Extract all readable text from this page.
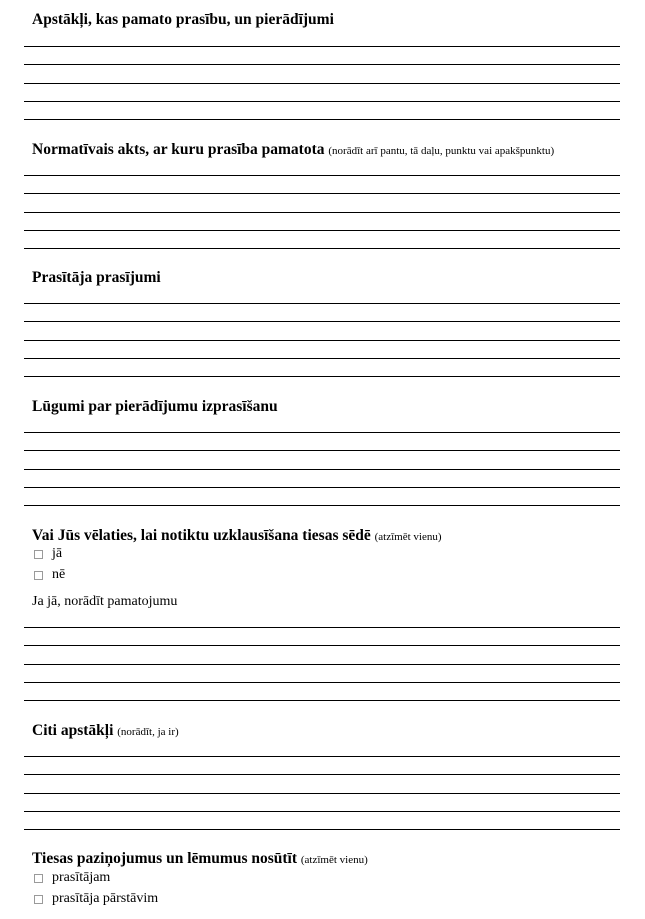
Apstākļi, kas pamato prasību, un pierādījumi
Normatīvais akts, ar kuru prasība pamatota (norādīt arī pantu, tā daļu, punktu vai apakšpunktu)
Prasītāja prasījumi
Lūgumi par pierādījumu izprasīšanu
Vai Jūs vēlaties, lai notiktu uzklausīšana tiesas sēdē (atzīmēt vienu)
jā
nē
Ja jā, norādīt pamatojumu
Citi apstākļi (norādīt, ja ir)
Tiesas paziņojumus un lēmumus nosūtīt (atzīmēt vienu)
prasītājam
prasītāja pārstāvim
